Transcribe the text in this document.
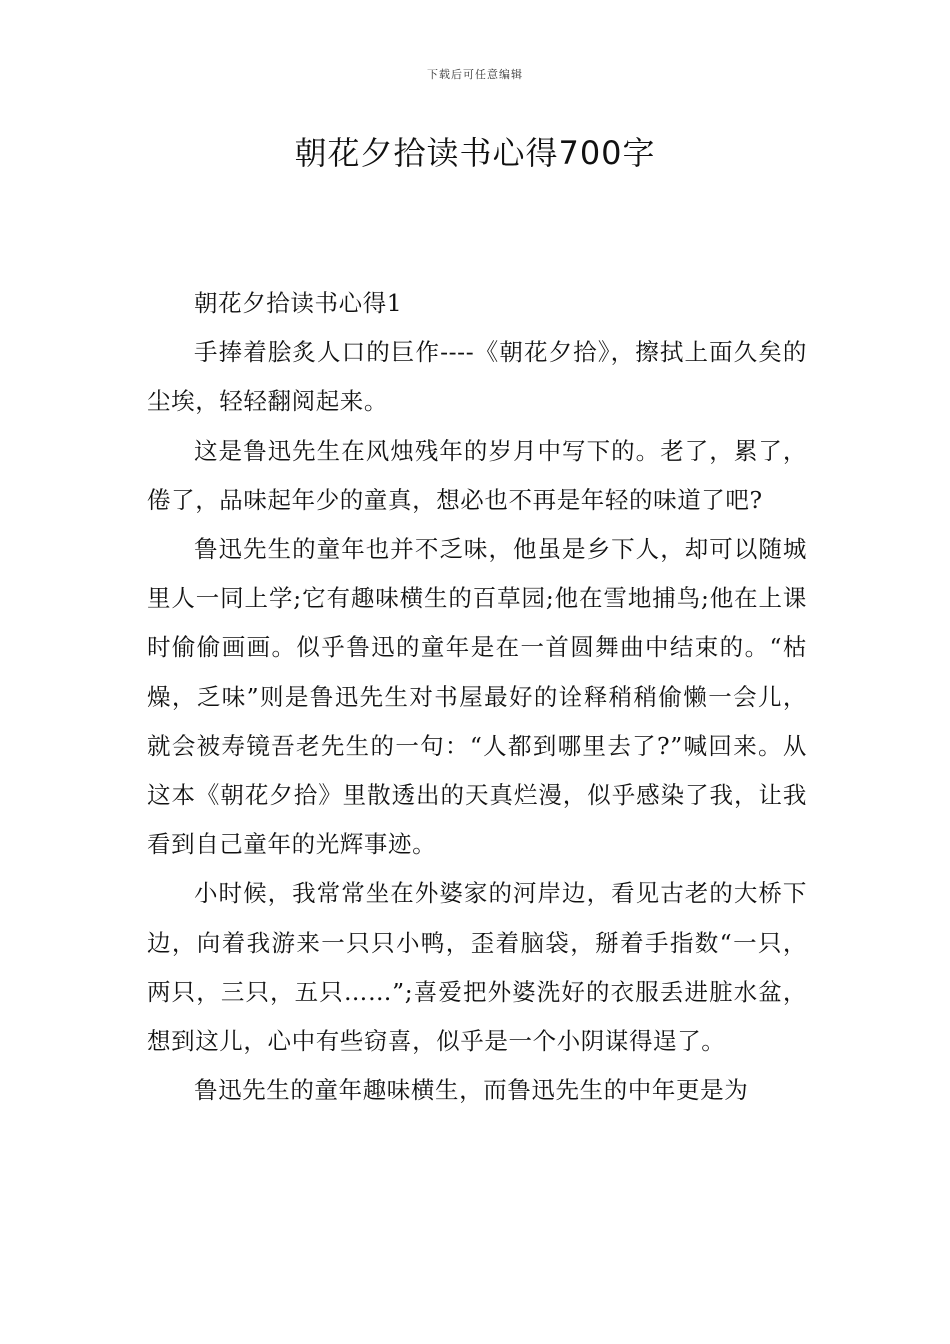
下载后可任意编辑
朝花夕拾读书心得700字

朝花夕拾读书心得1

手捧着脍炙人口的巨作----《朝花夕拾》，擦拭上面久矣的尘埃，轻轻翻阅起来。

这是鲁迅先生在风烛残年的岁月中写下的。老了，累了，倦了，品味起年少的童真，想必也不再是年轻的味道了吧?

鲁迅先生的童年也并不乏味，他虽是乡下人，却可以随城里人一同上学;它有趣味横生的百草园;他在雪地捕鸟;他在上课时偷偷画画。似乎鲁迅的童年是在一首圆舞曲中结束的。“枯燥，乏味”则是鲁迅先生对书屋最好的诠释稍稍偷懒一会儿，就会被寿镜吾老先生的一句：“人都到哪里去了?”喊回来。从这本《朝花夕拾》里散透出的天真烂漫，似乎感染了我，让我看到自己童年的光辉事迹。

小时候，我常常坐在外婆家的河岸边，看见古老的大桥下边，向着我游来一只只小鸭，歪着脑袋，掰着手指数“一只，两只，三只，五只……”;喜爱把外婆洗好的衣服丢进脏水盆，想到这儿，心中有些窃喜，似乎是一个小阴谋得逞了。

鲁迅先生的童年趣味横生，而鲁迅先生的中年更是为
